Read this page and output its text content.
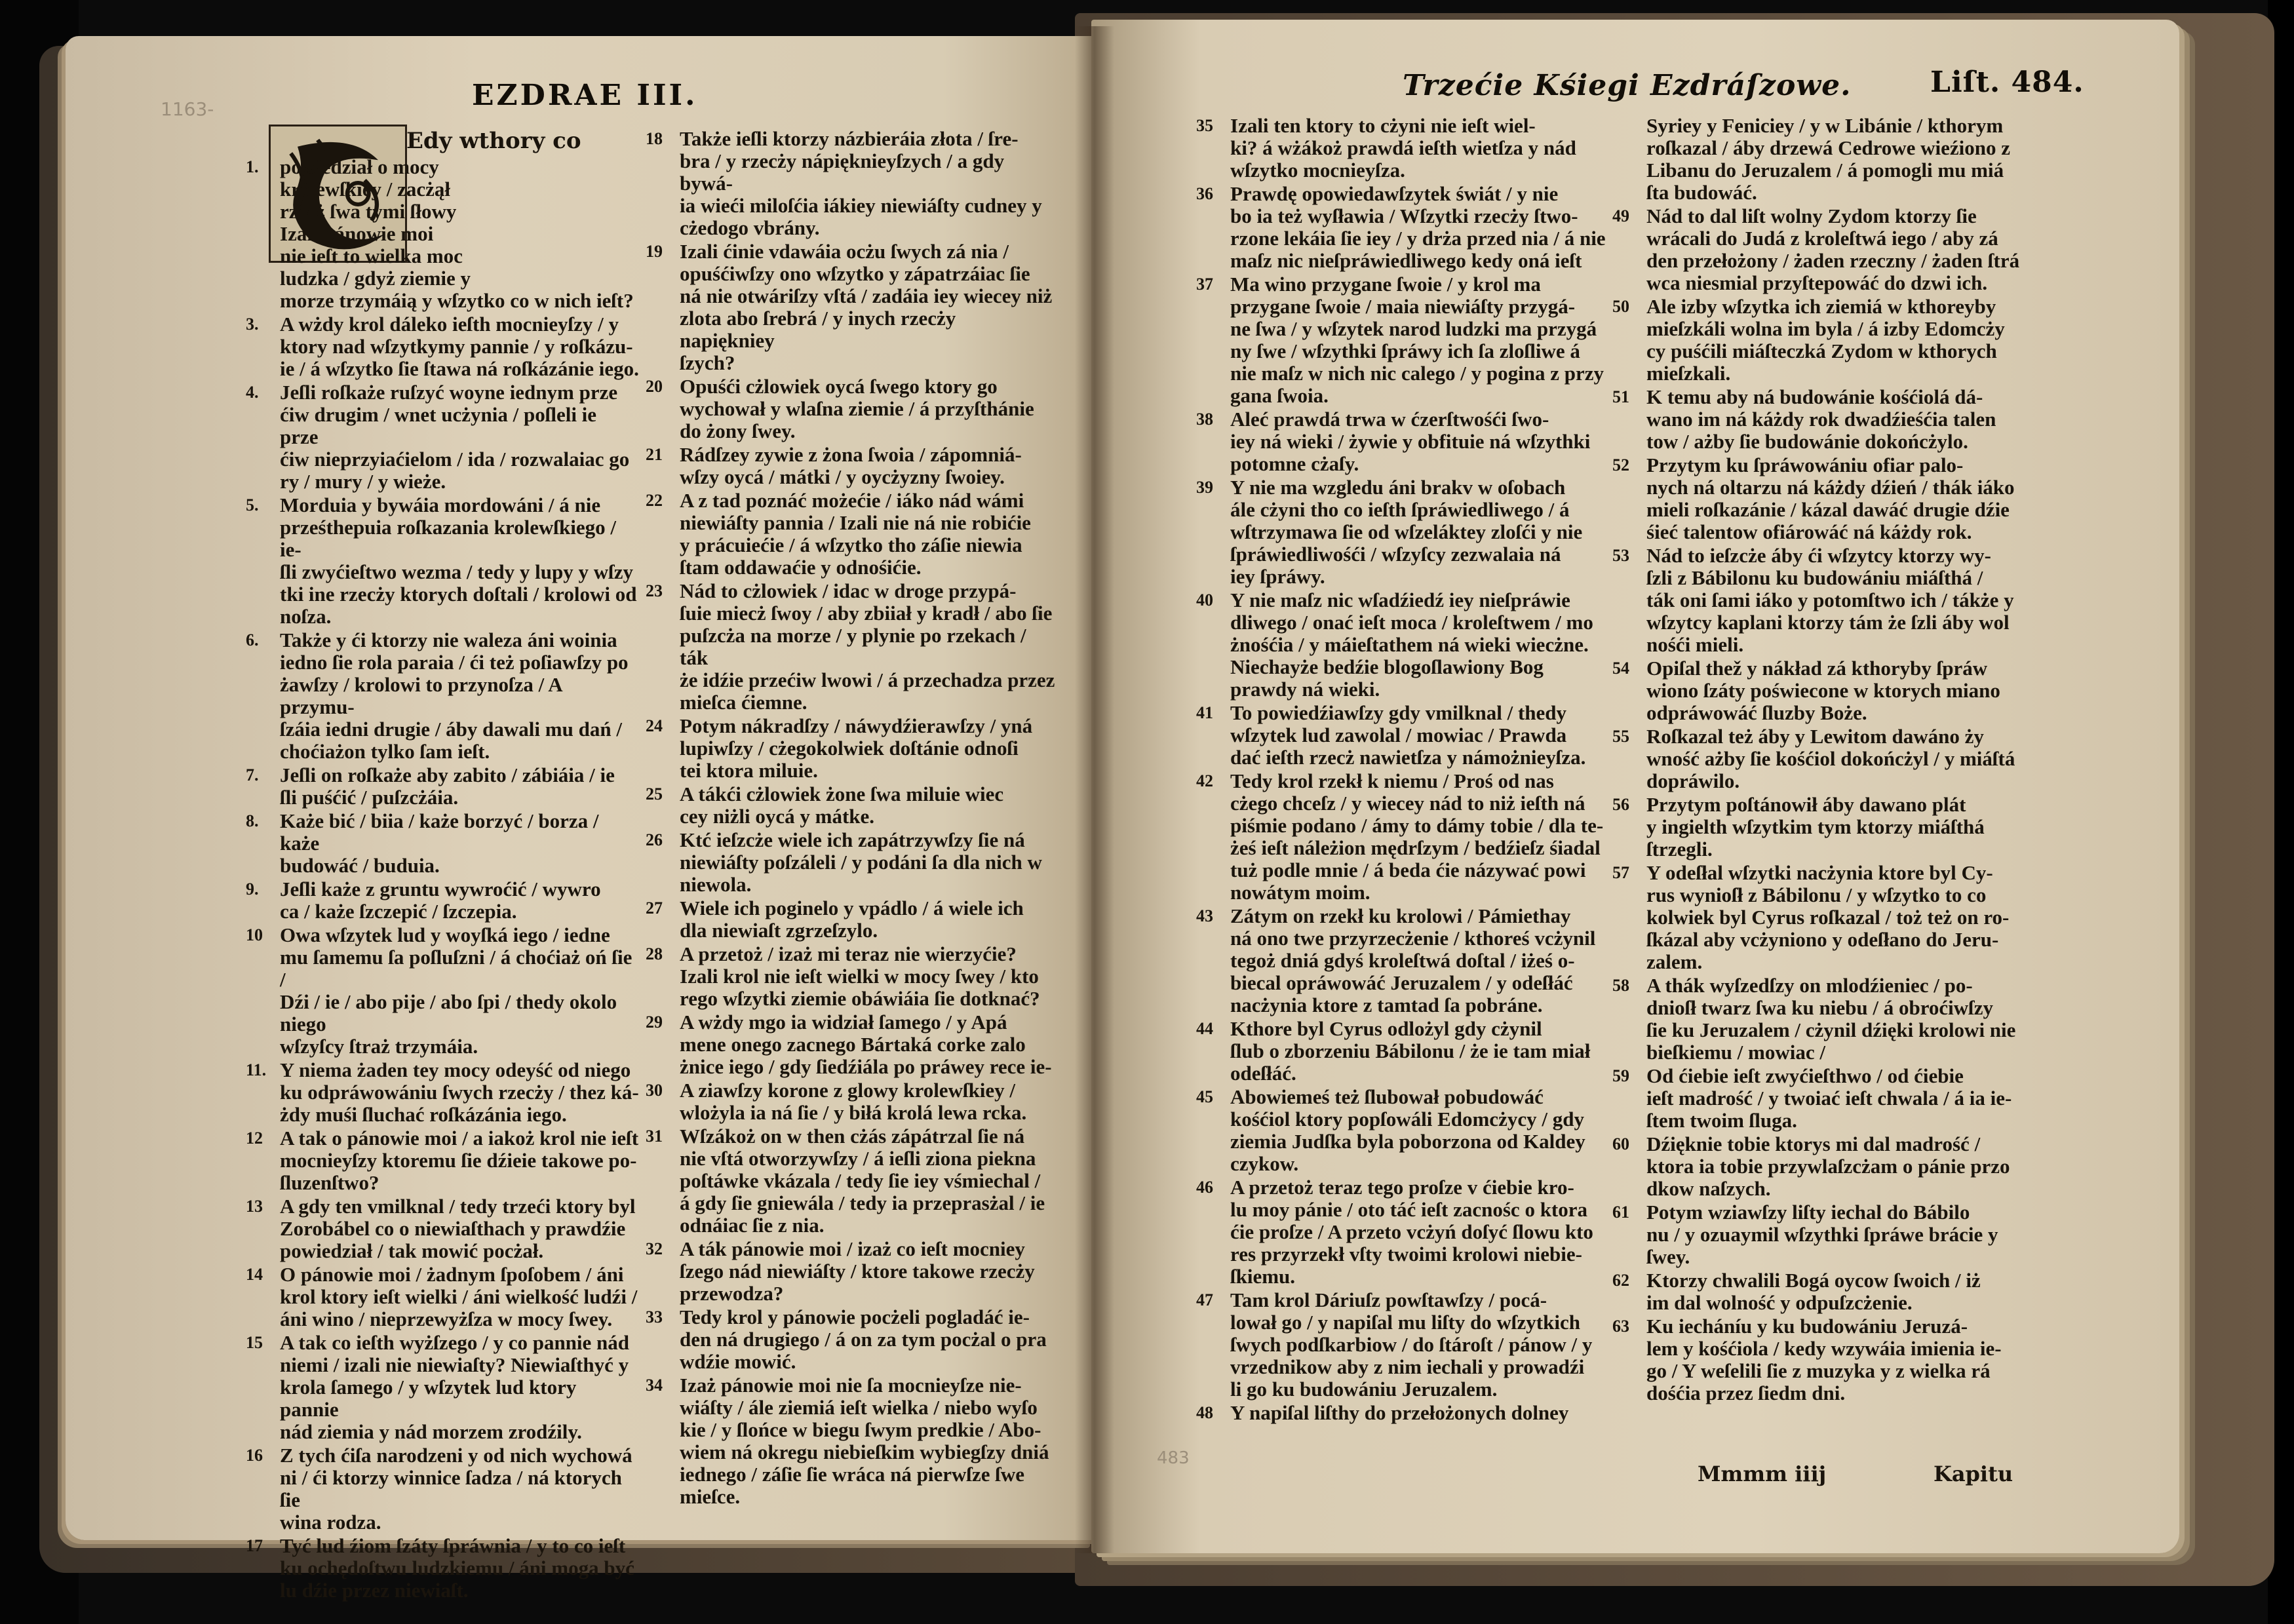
1163-	EZDRAE III.
Edy wthory co
1.	powiedział o mocy
królewſkiey / zacżął
rzecż ſwa tymi ſłowy
Izali pánowie moi
nie ieſt to wielka moc
ludzka / gdyż ziemie y
morze trzymáią y wſzytko co w nich ieſt?
3.	A wżdy krol dáleko ieſth mocnieyſzy / y
ktory nad wſzytkymy pannie / y roſkázu-
ie / á wſzytko ſie ſtawa ná roſkázánie iego.
4.	Jeſli roſkaże ruſzyć woyne iednym prze
ćiw drugim / wnet ucżynia / poſleli ie prze
ćiw nieprzyiaćielom / ida / rozwalaiac go
ry / mury / y wieże.
5.	Morduia y bywáia mordowáni / á nie
prześthepuia roſkazania krolewſkiego / ie-
ſli zwyćieſtwo wezma / tedy y lupy y wſzy
tki ine rzecży ktorych doſtali / krolowi od
noſza.
6.	Także y ći ktorzy nie waleza áni woinia
iedno ſie rola paraia / ći też poſiawſzy po
żawſzy / krolowi to przynoſza / A przymu-
ſzáia iedni drugie / áby dawali mu dań /
choćiażon tylko ſam ieſt.
7.	Jeſli on roſkaże aby zabito / zábiáia / ie
ſli puśćić / puſzcżáia.
8.	Każe bić / biia / każe borzyć / borza / każe
budowáć / buduia.
9.	Jeſli każe z gruntu wywroćić / wywro
ca / każe ſzczepić / ſzczepia.
10 Owa wſzytek lud y woyſká iego / iedne
mu ſamemu ſa poſluſzni / á choćiaż oń ſie /
Dźi / ie / abo pije / abo ſpi / thedy okolo niego
wſzyſcy ſtraż trzymáia.
11. Y niema żaden tey mocy odeyść od niego
ku odpráwowániu ſwych rzecży / thez ká-
żdy muśi ſluchać roſkázánia iego.
12 A tak o pánowie moi / a iakoż krol nie ieſt
mocnieyſzy ktoremu ſie dźieie takowe po-
ſluzenſtwo?
13 A gdy ten vmilknal / tedy trzeći ktory byl
Zorobábel co o niewiaſthach y prawdźie
powiedział / tak mowić pocżał.
14 O pánowie moi / żadnym ſpoſobem / áni
krol ktory ieſt wielki / áni wielkość ludźi /
áni wino / nieprzewyżſza w mocy ſwey.
15 A tak co ieſth wyżſzego / y co pannie nád
niemi / izali nie niewiaſty? Niewiaſthyć y
krola ſamego / y wſzytek lud ktory pannie
nád ziemia y nád morzem zrodźily.
16 Z tych ćiſa narodzeni y od nich wychowá
ni / ći ktorzy winnice ſadza / ná ktorych ſie
wina rodza.
17 Tyć lud źiom ſzáty ſpráwnia / y to co ieſt
ku ochędoſtwu ludzkiemu / áni moga być
lu dźie przez niewiaſt.
18 Także ieſli ktorzy názbieráia złota / ſre-
bra / y rzecży nápięknieyſzych / a gdy bywá-
ia wieći miloſćia iákiey niewiáſty cudney y
cżedogo vbrány.
19 Izali ćinie vdawáia ocżu ſwych zá nia /
opuśćiwſzy ono wſzytko y zápatrzáiac ſie
ná nie otwáriſzy vſtá / zadáia iey wiecey niż
zlota abo ſrebrá / y inych rzecży napiękniey
ſzych?
20 Opuśći cżlowiek oycá ſwego ktory go
wychował y wlaſna ziemie / á przyſthánie
do żony ſwey.
21 Rádſzey zywie z żona ſwoia / zápomniá-
wſzy oycá / mátki / y oycżyzny ſwoiey.
22 A z tad poznáć możećie / iáko nád wámi
niewiáſty pannia / Izali nie ná nie robićie
y prácuiećie / á wſzytko tho záſie niewia
ſtam oddawaćie y odnośićie.
23 Nád to cżlowiek / idac w droge przypá-
ſuie miecż ſwoy / aby zbiiał y kradł / abo ſie
puſzcża na morze / y plynie po rzekach / ták
że idźie przećiw lwowi / á przechadza przez
mieſca ćiemne.
24 Potym nákradſzy / náwydźierawſzy / yná
lupiwſzy / cżegokolwiek doſtánie odnoſi
tei ktora miluie.
25 A tákći cżlowiek żone ſwa miluie wiec
cey niżli oycá y mátke.
26 Ktć ieſzcże wiele ich zapátrzywſzy ſie ná
niewiáſty poſzáleli / y podáni ſa dla nich w
niewola.
27 Wiele ich poginelo y vpádlo / á wiele ich
dla niewiaſt zgrzeſzylo.
28 A przetoż / izaż mi teraz nie wierzyćie?
Izali krol nie ieſt wielki w mocy ſwey / kto
rego wſzytki ziemie obáwiáia ſie dotknać?
29 A wżdy mgo ia widział ſamego / y Apá
mene onego zacnego Bártaká corke zalo
żnice iego / gdy ſiedźiála po práwey rece ie-
30 A ziawſzy korone z glowy krolewſkiey /
wlożyla ia ná ſie / y biłá krolá lewa rcka.
31 Wſzákoż on w then cżás zápátrzal ſie ná
nie vſtá otworzywſzy / á ieſli ziona piekna
poſtáwke vkázala / tedy ſie iey vśmiechal /
á gdy ſie gniewála / tedy ia przeprasżal / ie
odnáiac ſie z nia.
32 A ták pánowie moi / izaż co ieſt mocniey
ſzego nád niewiáſty / ktore takowe rzecży
przewodza?
33 Tedy krol y pánowie pocżeli pogladáć ie-
den ná drugiego / á on za tym pocżal o pra
wdźie mowić.
34 Izaż pánowie moi nie ſa mocnieyſze nie-
wiáſty / ále ziemiá ieſt wielka / niebo wyſo
kie / y ſlońce w biegu ſwym predkie / Abo-
wiem ná okregu niebieſkim wybiegſzy dniá
iednego / záſie ſie wráca ná pierwſze ſwe
mieſce.
Trzećie Kśiegi Ezdráſzowe.	Liſt. 484.
483
35 Izali ten ktory to cżyni nie ieſt wiel-
ki? á wżákoż prawdá ieſth wietſza y nád
wſzytko mocnieyſza.
36 Prawdę opowiedawſzytek świát / y nie
bo ia też wyſławia / Wſzytki rzecży ſtwo-
rzone lekáia ſie iey / y drża przed nia / á nie
maſz nic nieſpráwiedliwego kedy oná ieſt
37 Ma wino przygane ſwoie / y krol ma
przygane ſwoie / maia niewiáſty przygá-
ne ſwa / y wſzytek narod ludzki ma przygá
ny ſwe / wſzythki ſpráwy ich ſa zloſliwe á
nie maſz w nich nic calego / y pogina z przy
gana ſwoia.
38 Aleć prawdá trwa w ćzerſtwośći ſwo-
iey ná wieki / żywie y obfituie ná wſzythki
potomne cżaſy.
39 Y nie ma wzgledu áni brakv w oſobach
ále cżyni tho co ieſth ſpráwiedliwego / á
wſtrzymawa ſie od wſzeláktey zloſći y nie
ſpráwiedliwośći / wſzyſcy zezwalaia ná
iey ſpráwy.
40 Y nie maſz nic wſadźiedź iey nieſpráwie
dliwego / onać ieſt moca / kroleſtwem / mo
żnośćia / y máieſtathem ná wieki wiecżne.
Niechayże bedźie blogoſlawiony Bog
prawdy ná wieki.
41 To powiedźiawſzy gdy vmilknal / thedy
wſzytek lud zawolal / mowiac / Prawda
dać ieſth rzecż nawietſza y námożnieyſza.
42 Tedy krol rzekł k niemu / Proś od nas
cżego chceſz / y wiecey nád to niż ieſth ná
piśmie podano / ámy to dámy tobie / dla te-
żeś ieſt náleżion mędrſzym / bedźieſz śiadal
tuż podle mnie / á beda ćie názywać powi
nowátym moim.
43 Zátym on rzekł ku krolowi / Pámiethay
ná ono twe przyrzecżenie / kthoreś vcżynil
tegoż dniá gdyś kroleſtwá doſtal / iżeś o-
biecal opráwowáć Jeruzalem / y odeſłáć
nacżynia ktore z tamtad ſa pobráne.
44 Kthore byl Cyrus odlożyl gdy cżynil
ſlub o zborzeniu Bábilonu / że ie tam miał
odeſłáć.
45 Abowiemeś też ſlubował pobudowáć
kośćiol ktory popſowáli Edomcżycy / gdy
ziemia Judſka byla poborzona od Kaldey
czykow.
46 A przetoż teraz tego proſze v ćiebie kro-
lu moy pánie / oto táć ieſt zacnośc o ktora
ćie proſze / A przeto vcżyń doſyć ſlowu kto
res przyrzekł vſty twoimi krolowi niebie-
ſkiemu.
47 Tam krol Dáriuſz powſtawſzy / pocá-
lował go / y napiſal mu liſty do wſzytkich
ſwych podſkarbiow / do ſtároſt / pánow / y
vrzednikow aby z nim iechali y prowadźi
li go ku budowániu Jeruzalem.
48 Y napiſal liſthy do przełożonych dolney
Syriey y Feniciey / y w Libánie / kthorym
roſkazal / áby drzewá Cedrowe wieźiono z
Libanu do Jeruzalem / á pomogli mu miá
ſta budowáć.
49 Nád to dal liſt wolny Zydom ktorzy ſie
wrácali do Judá z kroleſtwá iego / aby zá
den przełożony / żaden rzeczny / żaden ſtrá
wca niesmial przyſtepowáć do dzwi ich.
50 Ale izby wſzytka ich ziemiá w kthoreyby
mieſzkáli wolna im byla / á izby Edomcży
cy puśćili miáſteczká Zydom w kthorych
mieſzkali.
51 K temu aby ná budowánie kośćiolá dá-
wano im ná káżdy rok dwadźieśćia talen
tow / ażby ſie budowánie dokońcżylo.
52 Przytym ku ſpráwowániu ofiar palo-
nych ná oltarzu ná káżdy dźień / thák iáko
mieli roſkazánie / kázal dawáć drugie dźie
śieć talentow ofiárowáć ná káżdy rok.
53 Nád to ieſzcże áby ći wſzytcy ktorzy wy-
ſzli z Bábilonu ku budowániu miáſthá /
ták oni ſami iáko y potomſtwo ich / tákże y
wſzytcy kaplani ktorzy tám że ſzli áby wol
nośći mieli.
54 Opiſal thež y nákład zá kthoryby ſpráw
wiono ſzáty poświecone w ktorych miano
odpráwowáć ſluzby Boże.
55 Roſkazal też áby y Lewitom dawáno ży
wność ażby ſie kośćiol dokońcżyl / y miáſtá
dopráwilo.
56 Przytym poſtánowił áby dawano plát
y ingielth wſzytkim tym ktorzy miáſthá
ſtrzegli.
57 Y odeſłal wſzytki nacżynia ktore byl Cy-
rus wynioſł z Bábilonu / y wſzytko to co
kolwiek byl Cyrus roſkazal / toż też on ro-
ſkázal aby vcżyniono y odeſłano do Jeru-
zalem.
58 A thák wyſzedſzy on mlodźieniec / po-
dnioſł twarz ſwa ku niebu / á obroćiwſzy
ſie ku Jeruzalem / cżynil dźięki krolowi nie
bieſkiemu / mowiac /
59 Od ćiebie ieſt zwyćieſthwo / od ćiebie
ieſt madrość / y twoiać ieſt chwala / á ia ie-
ſtem twoim ſluga.
60 Dźięknie tobie ktorys mi dal madrość /
ktora ia tobie przywlaſzcżam o pánie przo
dkow naſzych.
61 Potym wziawſzy liſty iechal do Bábilo
nu / y ozuaymil wſzythki ſpráwe brácie y
ſwey.
62 Ktorzy chwalili Bogá oycow ſwoich / iż
im dal wolność y odpuſzcżenie.
63 Ku iecháníu y ku budowániu Jeruzá-
lem y kośćiola / kedy wzywáia imienia ie-
go / Y weſelili ſie z muzyka y z wielka rá
dośćia przez ſiedm dni.
Mmmm iiij	Kapitu
